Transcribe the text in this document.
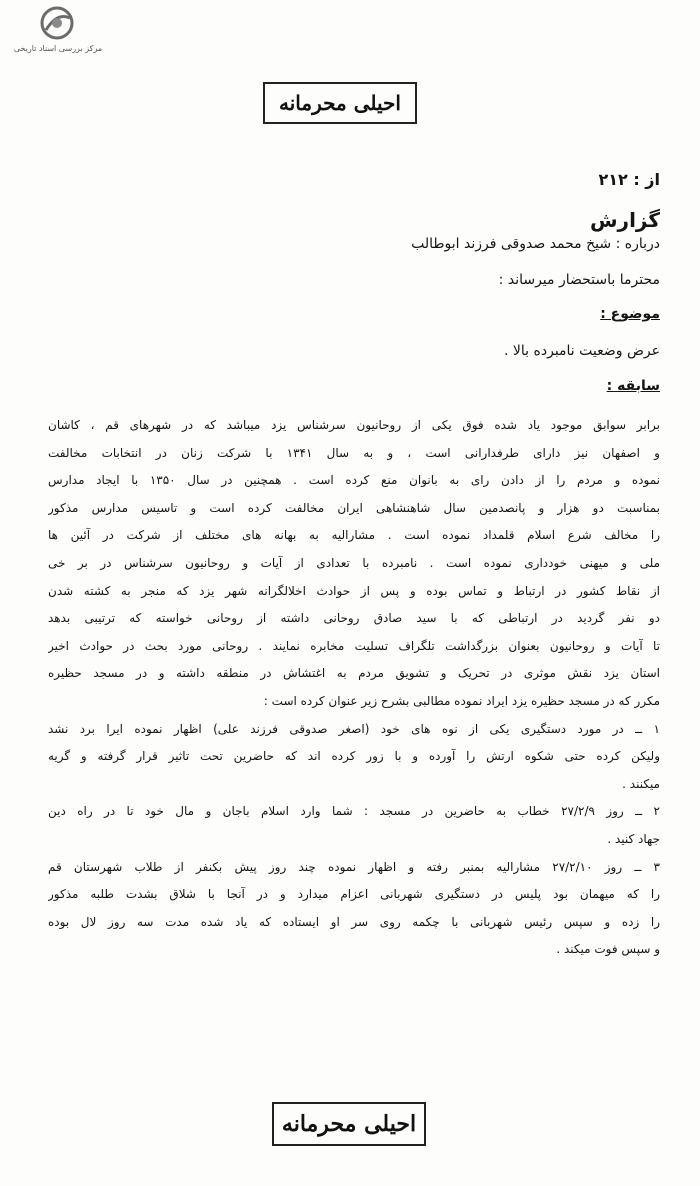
مرکز بررسی اسناد تاریخی
احیلی محرمانه
از : ۲۱۲
گزارش
درباره : شیخ محمد صدوقی فرزند ابوطالب
محترما باستحضار میرساند :
موضوع :
عرض وضعیت نامبرده بالا .
سابقه :
برابر سوابق موجود یاد شده فوق یکی از روحانیون سرشناس یزد میباشد که در شهرهای قم ، کاشان
و اصفهان نیز دارای طرفدارانی است ، و به سال ۱۳۴۱ با شرکت زنان در انتخابات مخالفت
نموده و مردم را از دادن رای به بانوان منع کرده است . همچنین در سال ۱۳۵۰ با ایجاد مدارس
بمناسبت دو هزار و پانصدمین سال شاهنشاهی ایران مخالفت کرده است و تاسیس مدارس مذکور
را مخالف شرع اسلام قلمداد نموده است . مشارالیه به بهانه های مختلف از شرکت در آئین ها
ملی و میهنی خودداری نموده است . نامبرده با تعدادی از آیات و روحانیون سرشناس در بر خی
از نقاط کشور در ارتباط و تماس بوده و پس از حوادث اخلالگرانه شهر یزد که منجر به کشته شدن
دو نفر گردید در ارتباطی که با سید صادق روحانی داشته از روحانی خواسته که ترتیبی بدهد
تا آیات و روحانیون بعنوان بزرگداشت تلگراف تسلیت مخابره نمایند . روحانی مورد بحث در حوادث اخیر
استان یزد نقش موثری در تحریک و تشویق مردم به اغتشاش در منطقه داشته و در مسجد حظیره
مکرر که در مسجد حظیره یزد ایراد نموده مطالبی بشرح زیر عنوان کرده است :
۱ ــ در مورد دستگیری یکی از نوه های خود (اصغر صدوقی فرزند علی) اظهار نموده ایرا برد نشد
ولیکن کرده حتی شکوه ارتش را آورده و با زور کرده اند که حاضرین تحت تاثیر قرار گرفته و گریه
میکنند .
۲ ــ روز ۲۷/۲/۹ خطاب به حاضرین در مسجد : شما وارد اسلام باجان و مال خود تا در راه دین
جهاد کنید .
۳ ــ روز ۲۷/۲/۱۰ مشارالیه بمنبر رفته و اظهار نموده چند روز پیش بکنفر از طلاب شهرستان قم
را که میهمان بود پلیس در دستگیری شهربانی اعزام میدارد و در آنجا با شلاق بشدت طلبه مذکور
را زده و سپس رئیس شهربانی با چکمه روی سر او ایستاده که یاد شده مدت سه روز لال بوده
و سپس فوت میکند .
احیلی محرمانه
